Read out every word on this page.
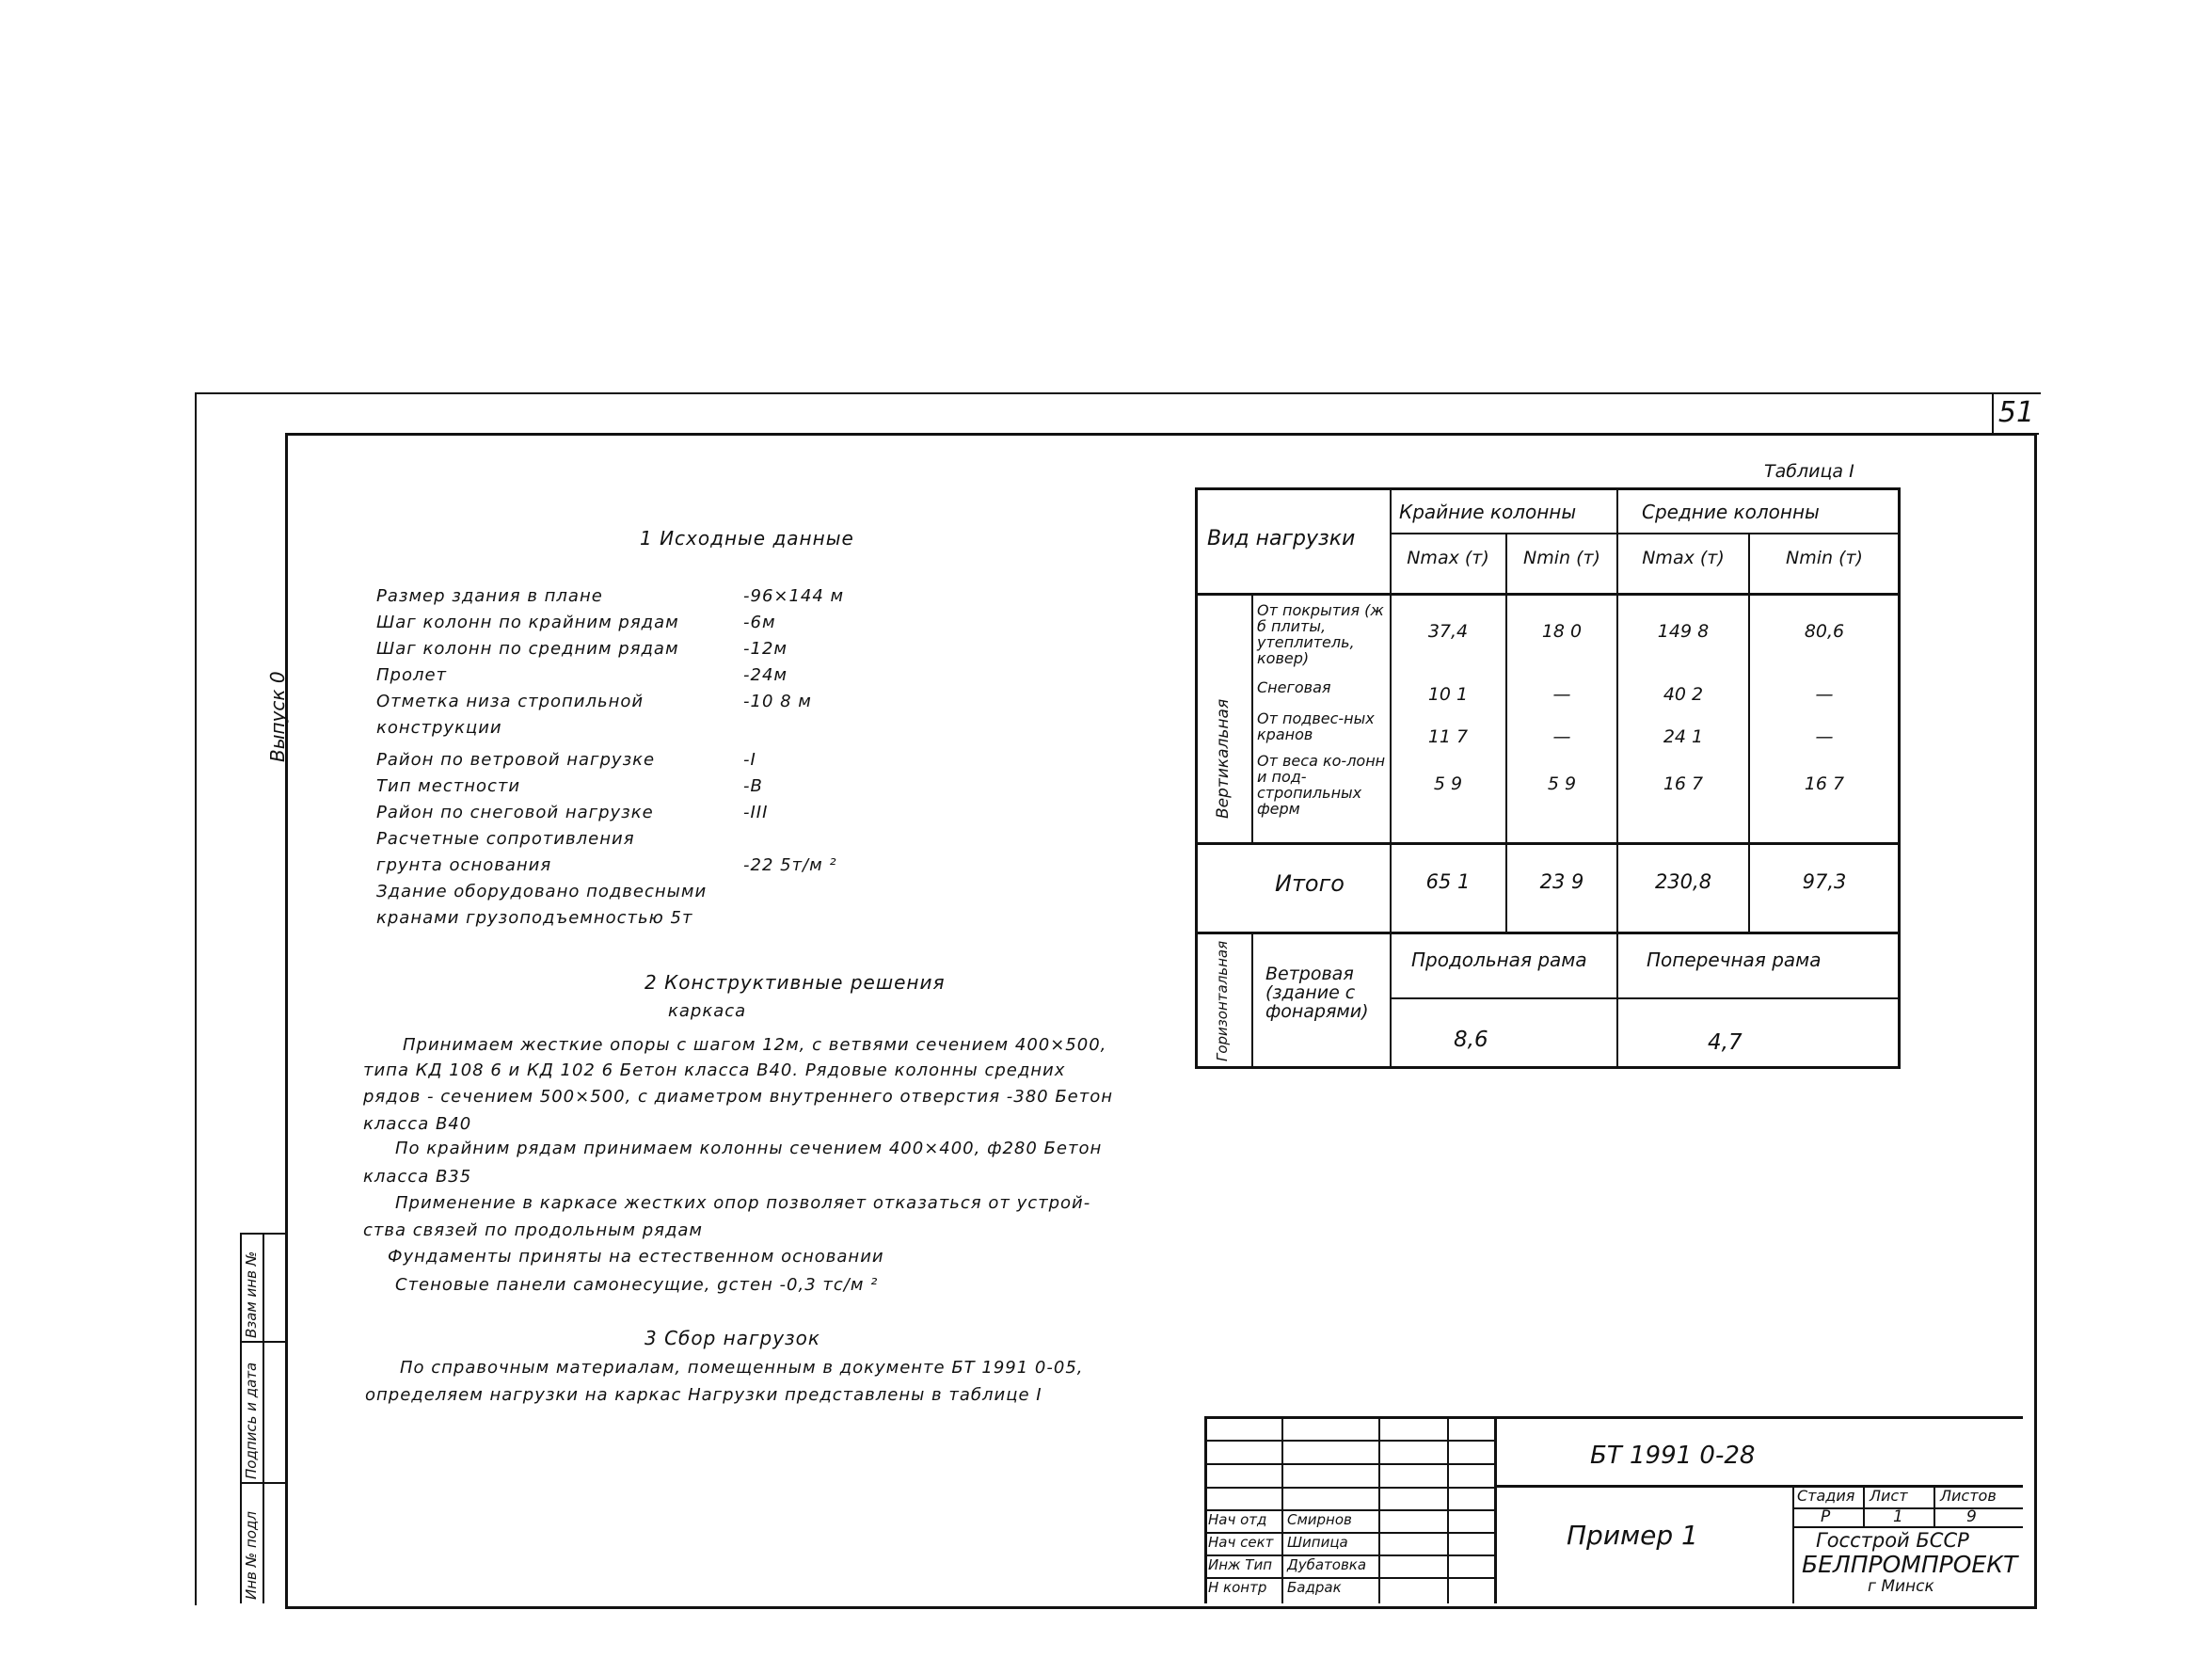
51
Выпуск 0
Инв № подл
Подпись и дата
Взам инв №
1 Исходные данные
Размер здания в плане	-96×144 м
Шаг колонн по крайним рядам	-6м
Шаг колонн по средним рядам	-12м
Пролет	-24м
Отметка низа стропильной	-10 8 м
конструкции
Район по ветровой нагрузке	-I
Тип местности	-В
Район по снеговой нагрузке	-III
Расчетные сопротивления
грунта основания	-22 5т/м ²
Здание оборудовано подвесными
кранами грузоподъемностью 5т
2 Конструктивные решения
каркаса
Принимаем жесткие опоры с шагом 12м, с ветвями сечением 400×500,
типа КД 108 6 и КД 102 6 Бетон класса В40. Рядовые колонны средних
рядов - сечением 500×500, с диаметром внутреннего отверстия -380 Бетон
класса В40
По крайним рядам принимаем колонны сечением 400×400, ф280 Бетон
класса В35
Применение в каркасе жестких опор позволяет отказаться от устрой-
ства связей по продольным рядам
Фундаменты приняты на естественном основании
Стеновые панели самонесущие, gстен -0,3 тс/м ²
3 Сбор нагрузок
По справочным материалам, помещенным в документе БТ 1991 0-05,
определяем нагрузки на каркас Нагрузки представлены в таблице I
Таблица I
Вид нагрузки
Крайние колонны	Средние колонны
Nmax (т)	Nmin (т)	Nmax (т)	Nmin (т)
Вертикальная
От покрытия (ж б плиты, утеплитель, ковер)
37,4	18 0	149 8	80,6
Снеговая	10 1	—	40 2	—
От подвес-ных кранов	11 7	—	24 1	—
От веса ко-лонн и под-стропильных ферм
5 9	5 9	16 7	16 7
Итого	65 1	23 9	230,8	97,3
Горизонтальная Ветровая (здание с фонарями)
Продольная рама	Поперечная рама
8,6	4,7
БТ 1991 0-28
Пример 1
Стадия Лист Листов
Р	1	9
Госстрой БССР
БЕЛПРОМПРОЕКТ
г Минск
Нач отд Смирнов
Нач сект Шипица
Инж Тип Дубатовка
Н контр Бадрак
